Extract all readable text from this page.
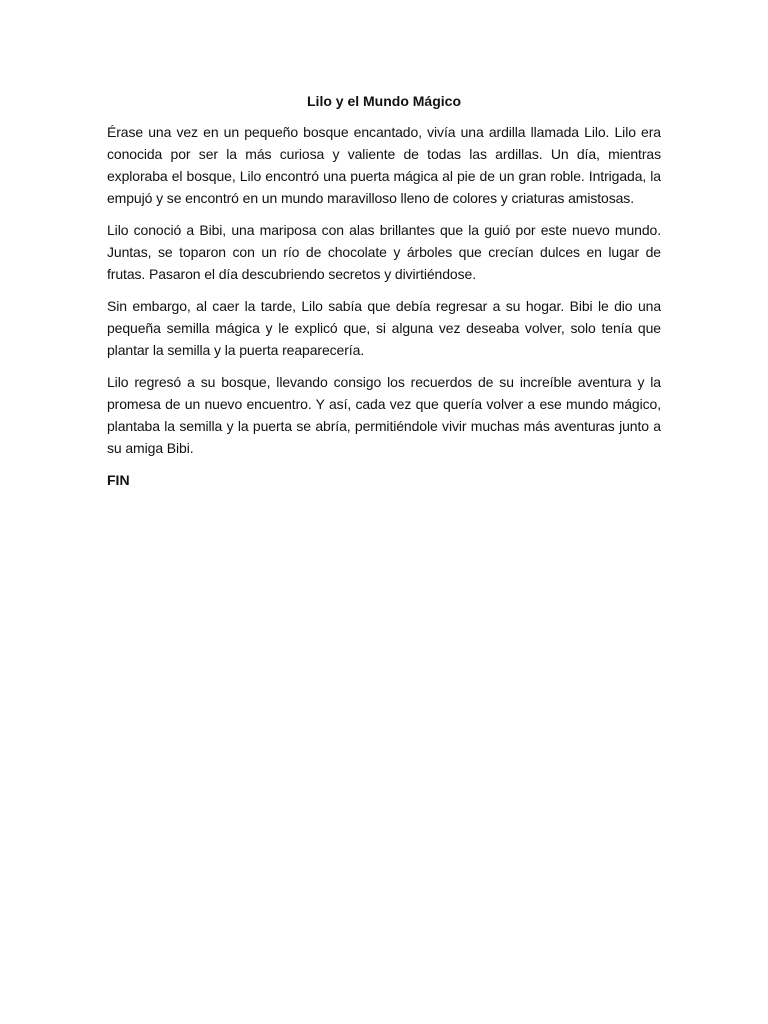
Lilo y el Mundo Mágico

Érase una vez en un pequeño bosque encantado, vivía una ardilla llamada Lilo. Lilo era conocida por ser la más curiosa y valiente de todas las ardillas. Un día, mientras exploraba el bosque, Lilo encontró una puerta mágica al pie de un gran roble. Intrigada, la empujó y se encontró en un mundo maravilloso lleno de colores y criaturas amistosas.

Lilo conoció a Bibi, una mariposa con alas brillantes que la guió por este nuevo mundo. Juntas, se toparon con un río de chocolate y árboles que crecían dulces en lugar de frutas. Pasaron el día descubriendo secretos y divirtiéndose.

Sin embargo, al caer la tarde, Lilo sabía que debía regresar a su hogar. Bibi le dio una pequeña semilla mágica y le explicó que, si alguna vez deseaba volver, solo tenía que plantar la semilla y la puerta reaparecería.

Lilo regresó a su bosque, llevando consigo los recuerdos de su increíble aventura y la promesa de un nuevo encuentro. Y así, cada vez que quería volver a ese mundo mágico, plantaba la semilla y la puerta se abría, permitiéndole vivir muchas más aventuras junto a su amiga Bibi.

FIN
